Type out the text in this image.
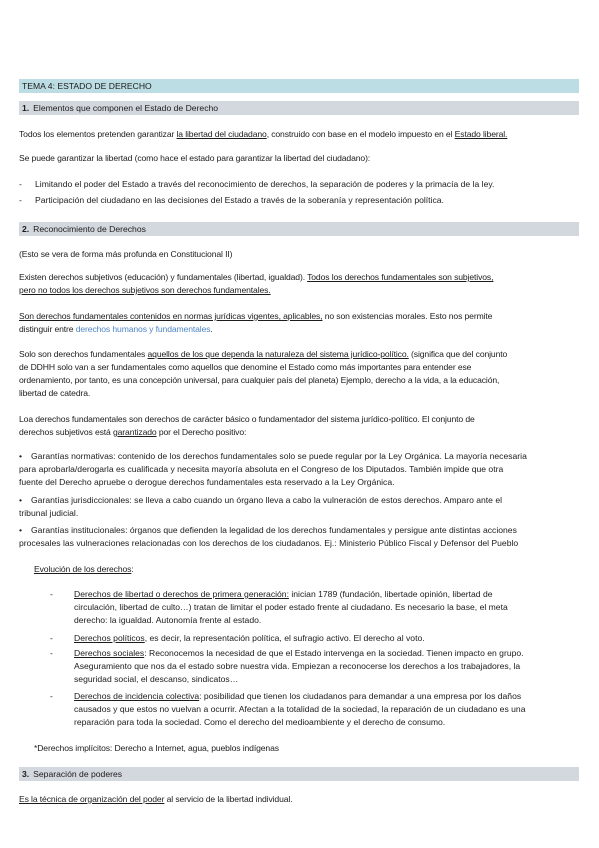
TEMA 4: ESTADO DE DERECHO
1. Elementos que componen el Estado de Derecho
Todos los elementos pretenden garantizar la libertad del ciudadano, construido con base en el modelo impuesto en el Estado liberal.
Se puede garantizar la libertad (como hace el estado para garantizar la libertad del ciudadano):
- Limitando el poder del Estado a través del reconocimiento de derechos, la separación de poderes y la primacía de la ley.
- Participación del ciudadano en las decisiones del Estado a través de la soberanía y representación política.
2. Reconocimiento de Derechos
(Esto se vera de forma más profunda en Constitucional II)
Existen derechos subjetivos (educación) y fundamentales (libertad, igualdad). Todos los derechos fundamentales son subjetivos,
pero no todos los derechos subjetivos son derechos fundamentales.
Son derechos fundamentales contenidos en normas jurídicas vigentes, aplicables, no son existencias morales. Esto nos permite
distinguir entre derechos humanos y fundamentales.
Solo son derechos fundamentales aquellos de los que dependa la naturaleza del sistema jurídico-político. (significa que del conjunto
de DDHH solo van a ser fundamentales como aquellos que denomine el Estado como más importantes para entender ese
ordenamiento, por tanto, es una concepción universal, para cualquier país del planeta) Ejemplo, derecho a la vida, a la educación,
libertad de catedra.
Loa derechos fundamentales son derechos de carácter básico o fundamentador del sistema jurídico-político. El conjunto de
derechos subjetivos está garantizado por el Derecho positivo:
• Garantías normativas: contenido de los derechos fundamentales solo se puede regular por la Ley Orgánica. La mayoría necesaria
para aprobarla/derogarla es cualificada y necesita mayoría absoluta en el Congreso de los Diputados. También impide que otra
fuente del Derecho apruebe o derogue derechos fundamentales esta reservado a la Ley Orgánica.
• Garantías jurisdiccionales: se lleva a cabo cuando un órgano lleva a cabo la vulneración de estos derechos. Amparo ante el
tribunal judicial.
• Garantías institucionales: órganos que defienden la legalidad de los derechos fundamentales y persigue ante distintas acciones
procesales las vulneraciones relacionadas con los derechos de los ciudadanos. Ej.: Ministerio Público Fiscal y Defensor del Pueblo
Evolución de los derechos:
- Derechos de libertad o derechos de primera generación: inician 1789 (fundación, libertade opinión, libertad de
circulación, libertad de culto…) tratan de limitar el poder estado frente al ciudadano. Es necesario la base, el meta
derecho: la igualdad. Autonomía frente al estado.
- Derechos políticos, es decir, la representación política, el sufragio activo. El derecho al voto.
- Derechos sociales: Reconocemos la necesidad de que el Estado intervenga en la sociedad. Tienen impacto en grupo.
Aseguramiento que nos da el estado sobre nuestra vida. Empiezan a reconocerse los derechos a los trabajadores, la
seguridad social, el descanso, sindicatos…
- Derechos de incidencia colectiva: posibilidad que tienen los ciudadanos para demandar a una empresa por los daños
causados y que estos no vuelvan a ocurrir. Afectan a la totalidad de la sociedad, la reparación de un ciudadano es una
reparación para toda la sociedad. Como el derecho del medioambiente y el derecho de consumo.
*Derechos implícitos: Derecho a Internet, agua, pueblos indígenas
3. Separación de poderes
Es la técnica de organización del poder al servicio de la libertad individual.
